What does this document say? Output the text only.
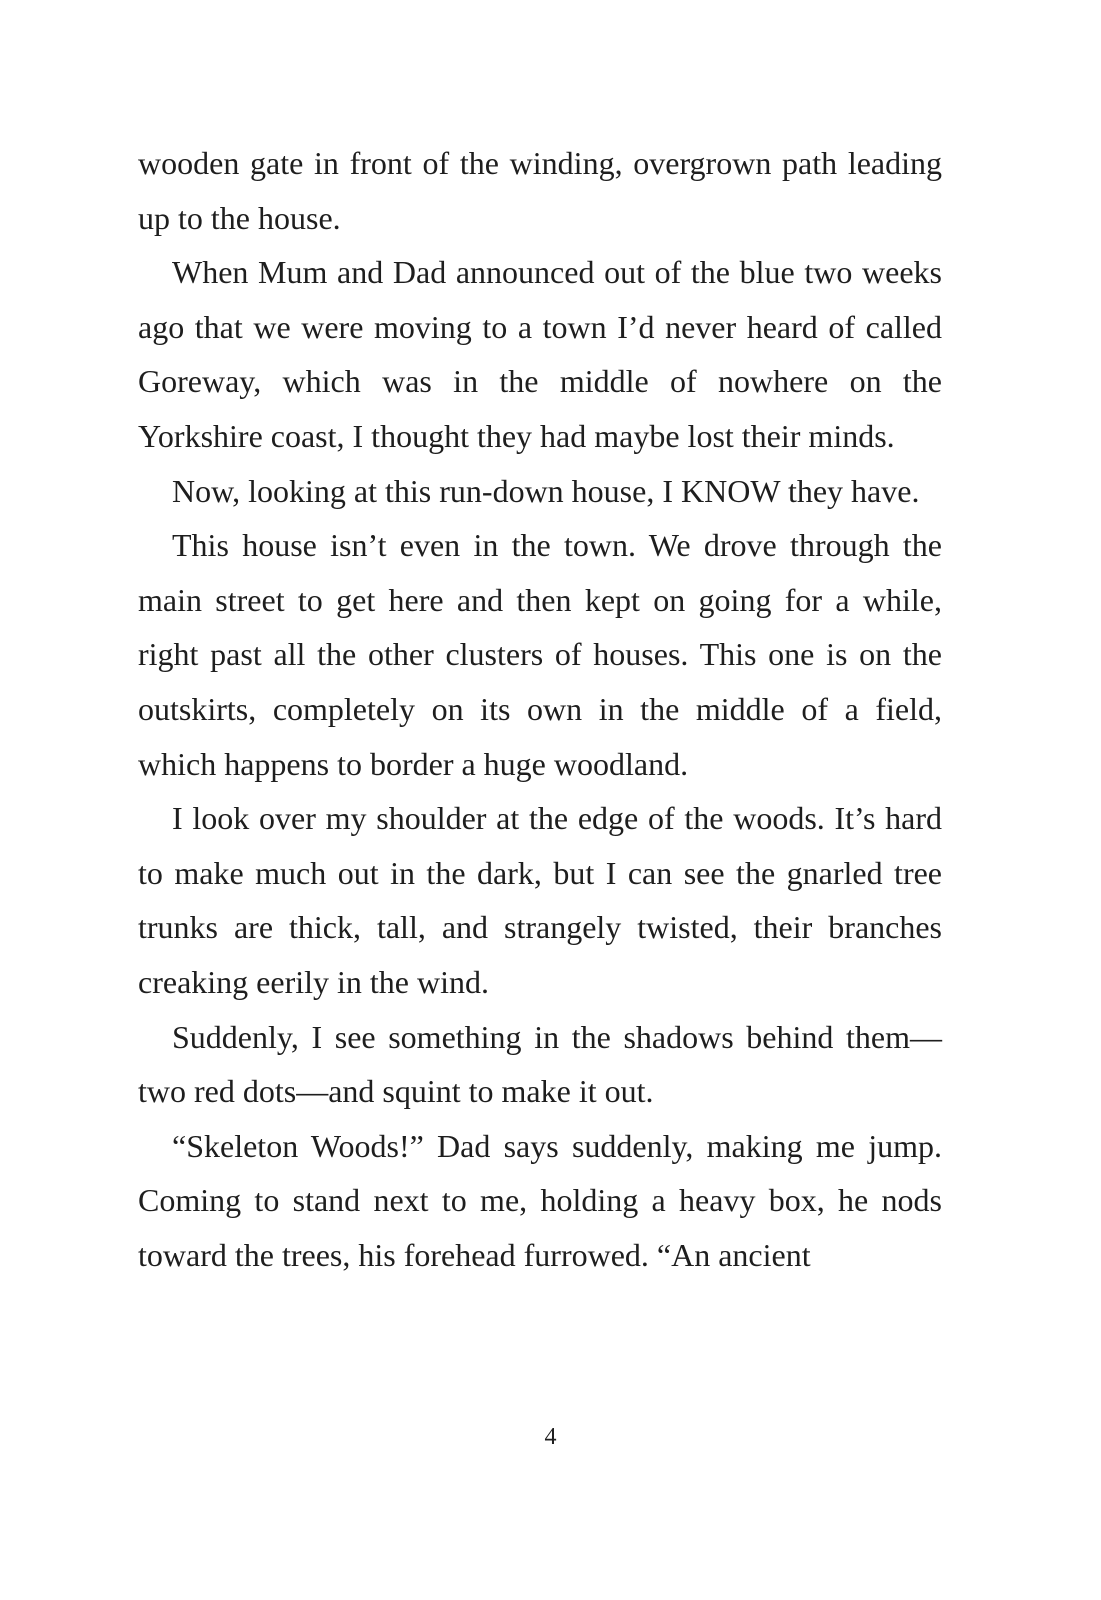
wooden gate in front of the winding, overgrown path leading up to the house.

When Mum and Dad announced out of the blue two weeks ago that we were moving to a town I’d never heard of called Goreway, which was in the middle of nowhere on the Yorkshire coast, I thought they had maybe lost their minds.

Now, looking at this run-down house, I KNOW they have.

This house isn’t even in the town. We drove through the main street to get here and then kept on going for a while, right past all the other clusters of houses. This one is on the outskirts, completely on its own in the middle of a field, which happens to border a huge woodland.

I look over my shoulder at the edge of the woods. It’s hard to make much out in the dark, but I can see the gnarled tree trunks are thick, tall, and strangely twisted, their branches creaking eerily in the wind.

Suddenly, I see something in the shadows behind them—two red dots—and squint to make it out.

“Skeleton Woods!” Dad says suddenly, making me jump. Coming to stand next to me, holding a heavy box, he nods toward the trees, his forehead furrowed. “An ancient

4
